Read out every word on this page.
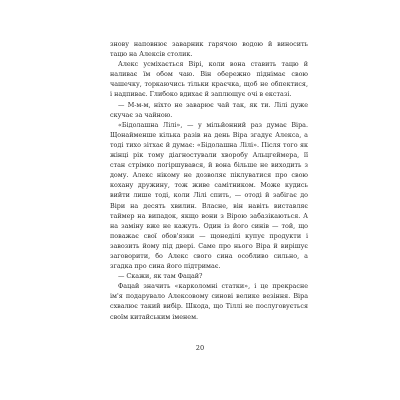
знову наповнює заварник гарячою водою й виносить тацю на Алексів столик.

Алекс усміхається Вірі, коли вона ставить тацю й наливає їм обом чаю. Він обережно піднімає свою чашечку, торкаючись тільки краєчка, щоб не обпектися, і надпиває. Глибоко вдихає й заплющує очі в екстазі.

— М-м-м, ніхто не заварює чай так, як ти. Лілі дуже скучає за чайною.

«Бідолашна Лілі», — у мільйонний раз думає Віра. Щонайменше кілька разів на день Віра згадує Алекса, а тоді тихо зітхає й думає: «Бідолашна Лілі». Після того як жінці рік тому діагностували хворобу Альцгеймера, її стан стрімко погіршувався, й вона більше не виходить з дому. Алекс нікому не дозволяє піклуватися про свою кохану дружину, тож живе самітником. Може кудись вийти лише тоді, коли Лілі спить, — отоді й забігає до Віри на десять хвилин. Власне, він навіть виставляє таймер на випадок, якщо вони з Вірою забазікаються. А на заміну вже не кажуть. Один із його синів — той, що поважає свої обов'язки — щонеділі купує продукти і завозить йому під двері. Саме про нього Віра й вирішує заговорити, бо Алекс свого сина особливо сильно, а згадка про сина його підтримає.

— Скажи, як там Фацай?

Фацай значить «карколомні статки», і це прекрасне ім'я подарувало Алексовому синові велике везіння. Віра схвалює такий вибір. Шкода, що Тіллі не послуговується своїм китайським іменем.

20
